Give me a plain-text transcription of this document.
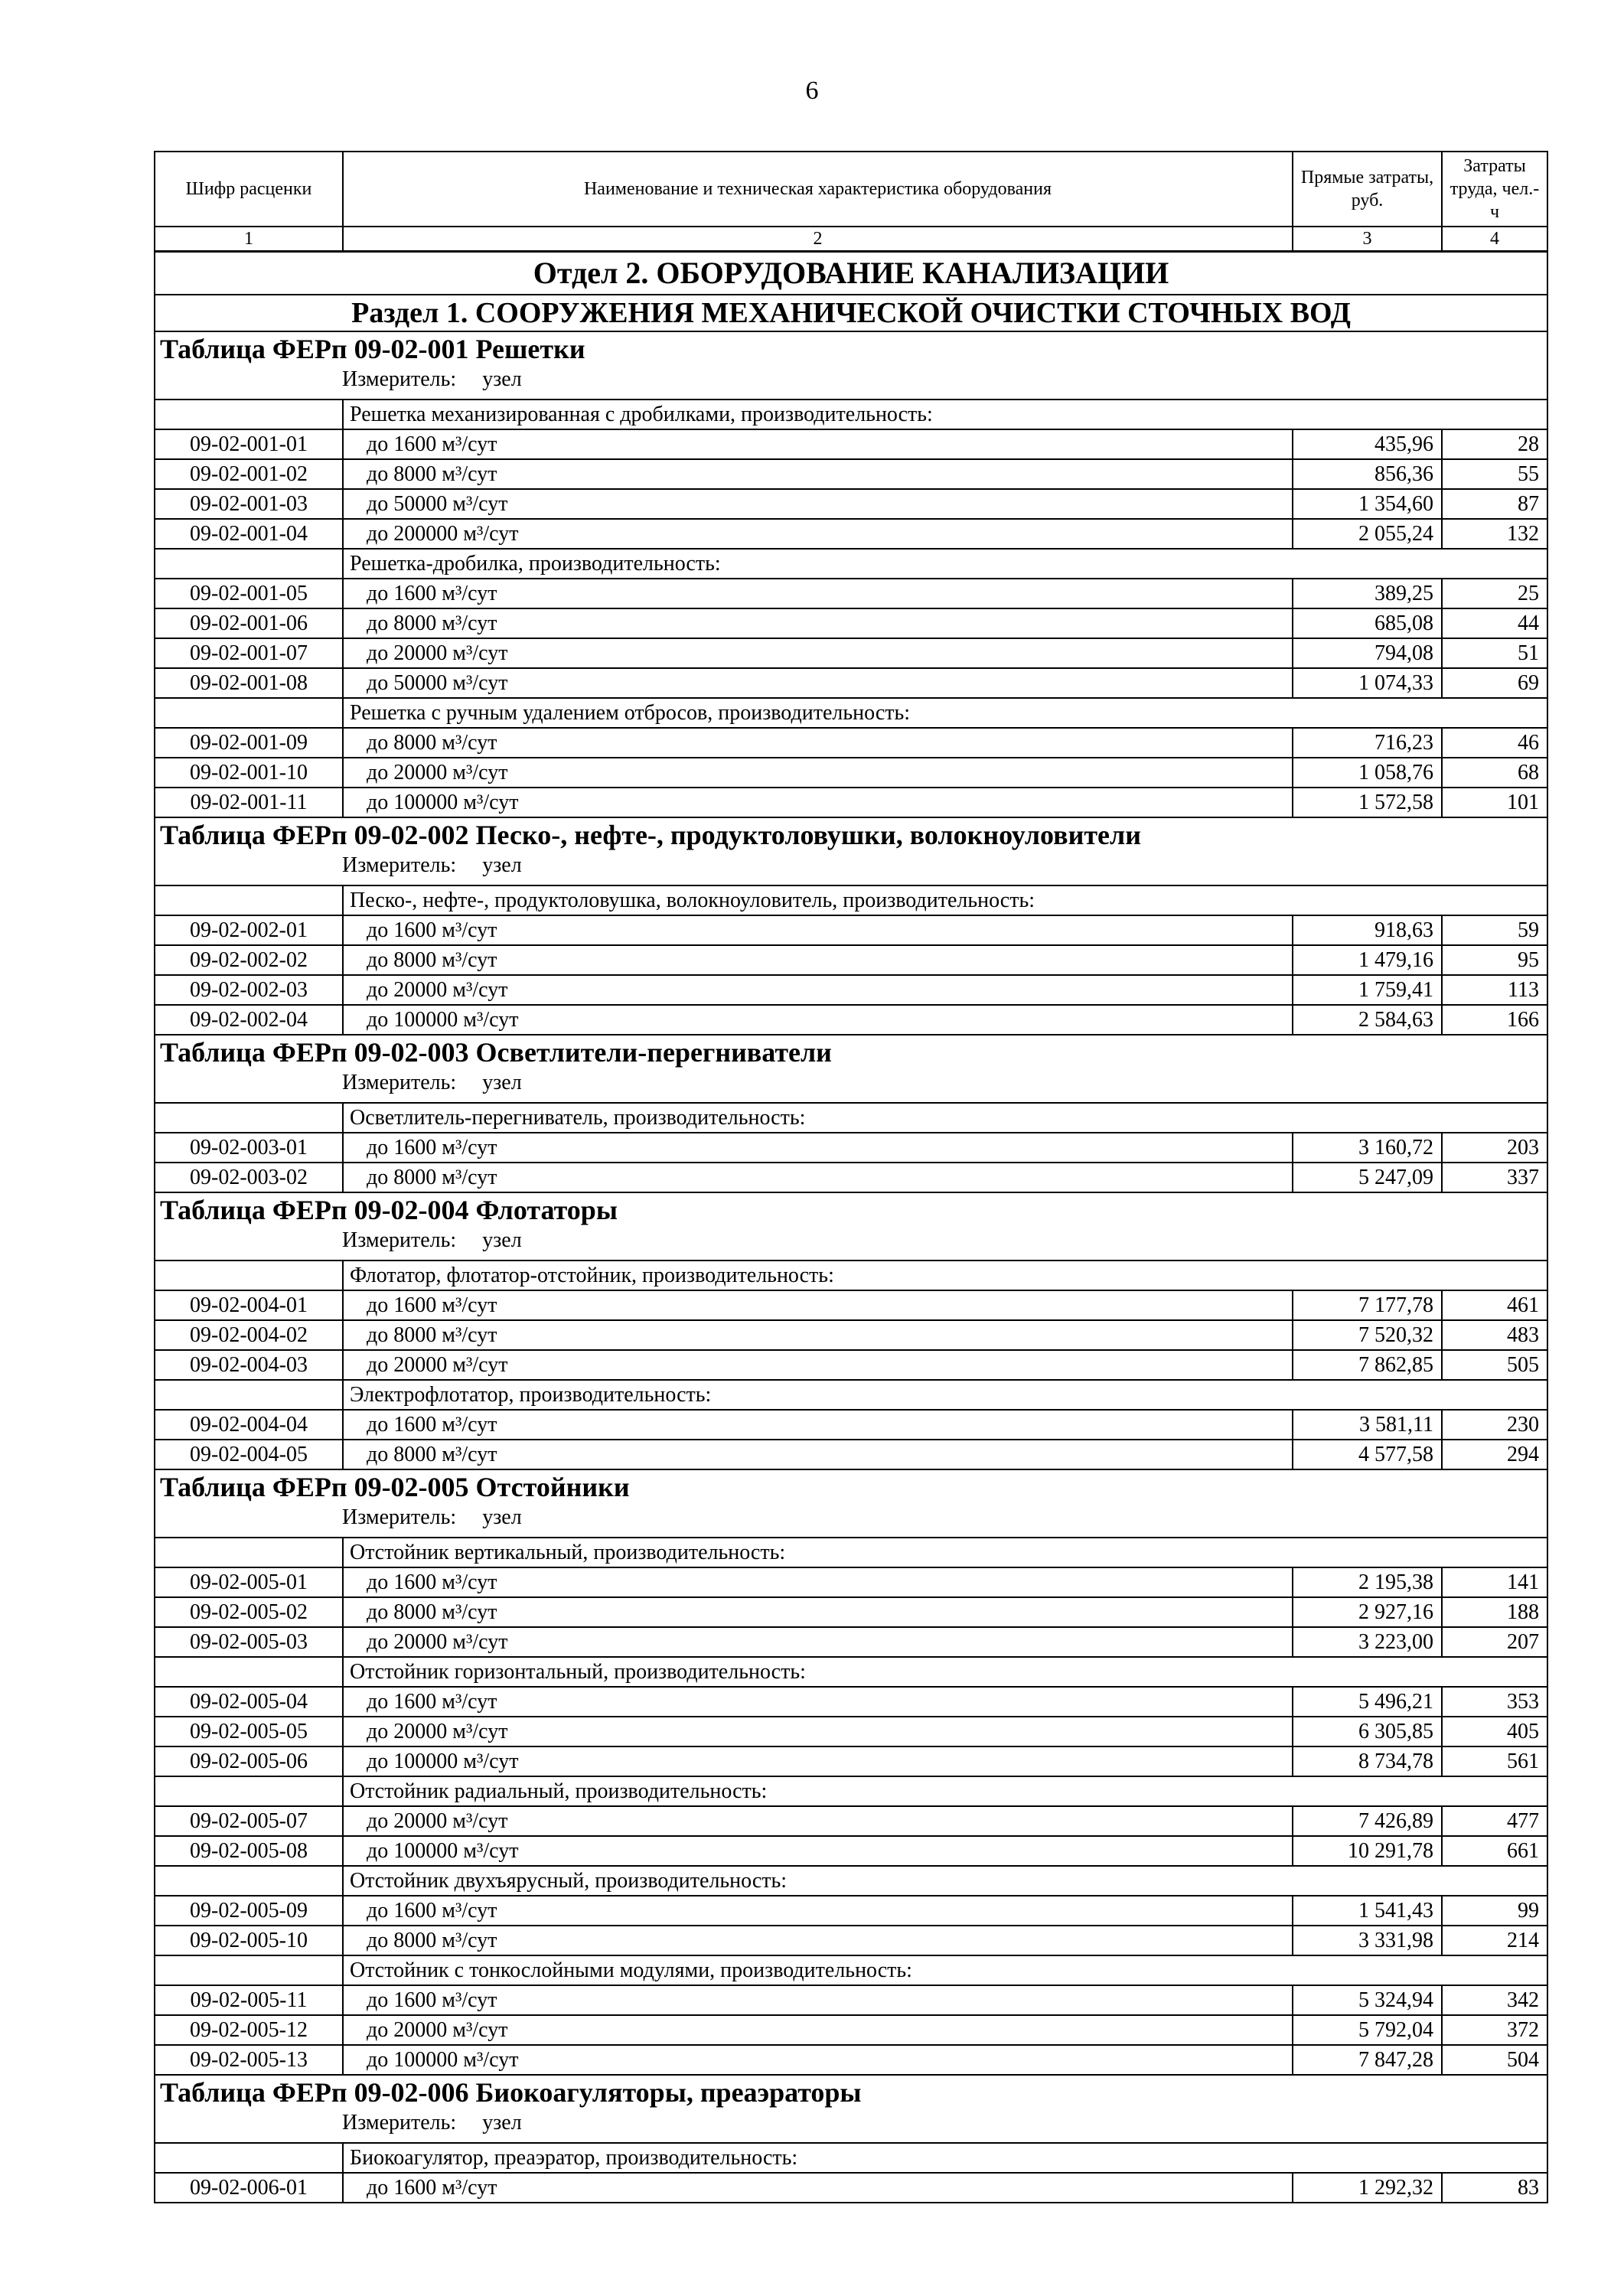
6
Шифр расценки	Наименование и техническая характеристика оборудования	Прямые затраты, руб.	Затраты труда, чел.-ч
1	2	3	4
Отдел 2. ОБОРУДОВАНИЕ КАНАЛИЗАЦИИ			
Раздел 1. СООРУЖЕНИЯ МЕХАНИЧЕСКОЙ ОЧИСТКИ СТОЧНЫХ ВОД			

Таблица ФЕРп 09-02-001 Решетки
Измеритель: узел			

	Решетка механизированная с дробилками, производительность:		
09-02-001-01	до 1600 м³/сут	435,96	28
09-02-001-02	до 8000 м³/сут	856,36	55
09-02-001-03	до 50000 м³/сут	1 354,60	87
09-02-001-04	до 200000 м³/сут	2 055,24	132
	Решетка-дробилка, производительность:		
09-02-001-05	до 1600 м³/сут	389,25	25
09-02-001-06	до 8000 м³/сут	685,08	44
09-02-001-07	до 20000 м³/сут	794,08	51
09-02-001-08	до 50000 м³/сут	1 074,33	69
	Решетка с ручным удалением отбросов, производительность:		
09-02-001-09	до 8000 м³/сут	716,23	46
09-02-001-10	до 20000 м³/сут	1 058,76	68
09-02-001-11	до 100000 м³/сут	1 572,58	101

Таблица ФЕРп 09-02-002 Песко-, нефте-, продуктоловушки, волокноуловители
Измеритель: узел			

	Песко-, нефте-, продуктоловушка, волокноуловитель, производительность:		
09-02-002-01	до 1600 м³/сут	918,63	59
09-02-002-02	до 8000 м³/сут	1 479,16	95
09-02-002-03	до 20000 м³/сут	1 759,41	113
09-02-002-04	до 100000 м³/сут	2 584,63	166

Таблица ФЕРп 09-02-003 Осветлители-перегниватели
Измеритель: узел			

	Осветлитель-перегниватель, производительность:		
09-02-003-01	до 1600 м³/сут	3 160,72	203
09-02-003-02	до 8000 м³/сут	5 247,09	337

Таблица ФЕРп 09-02-004 Флотаторы
Измеритель: узел			

	Флотатор, флотатор-отстойник, производительность:		
09-02-004-01	до 1600 м³/сут	7 177,78	461
09-02-004-02	до 8000 м³/сут	7 520,32	483
09-02-004-03	до 20000 м³/сут	7 862,85	505
	Электрофлотатор, производительность:		
09-02-004-04	до 1600 м³/сут	3 581,11	230
09-02-004-05	до 8000 м³/сут	4 577,58	294

Таблица ФЕРп 09-02-005 Отстойники
Измеритель: узел			

	Отстойник вертикальный, производительность:		
09-02-005-01	до 1600 м³/сут	2 195,38	141
09-02-005-02	до 8000 м³/сут	2 927,16	188
09-02-005-03	до 20000 м³/сут	3 223,00	207
	Отстойник горизонтальный, производительность:		
09-02-005-04	до 1600 м³/сут	5 496,21	353
09-02-005-05	до 20000 м³/сут	6 305,85	405
09-02-005-06	до 100000 м³/сут	8 734,78	561
	Отстойник радиальный, производительность:		
09-02-005-07	до 20000 м³/сут	7 426,89	477
09-02-005-08	до 100000 м³/сут	10 291,78	661
	Отстойник двухъярусный, производительность:		
09-02-005-09	до 1600 м³/сут	1 541,43	99
09-02-005-10	до 8000 м³/сут	3 331,98	214
	Отстойник с тонкослойными модулями, производительность:		
09-02-005-11	до 1600 м³/сут	5 324,94	342
09-02-005-12	до 20000 м³/сут	5 792,04	372
09-02-005-13	до 100000 м³/сут	7 847,28	504

Таблица ФЕРп 09-02-006 Биокоагуляторы, преаэраторы
Измеритель: узел			

	Биокоагулятор, преаэратор, производительность:		
09-02-006-01	до 1600 м³/сут	1 292,32	83
